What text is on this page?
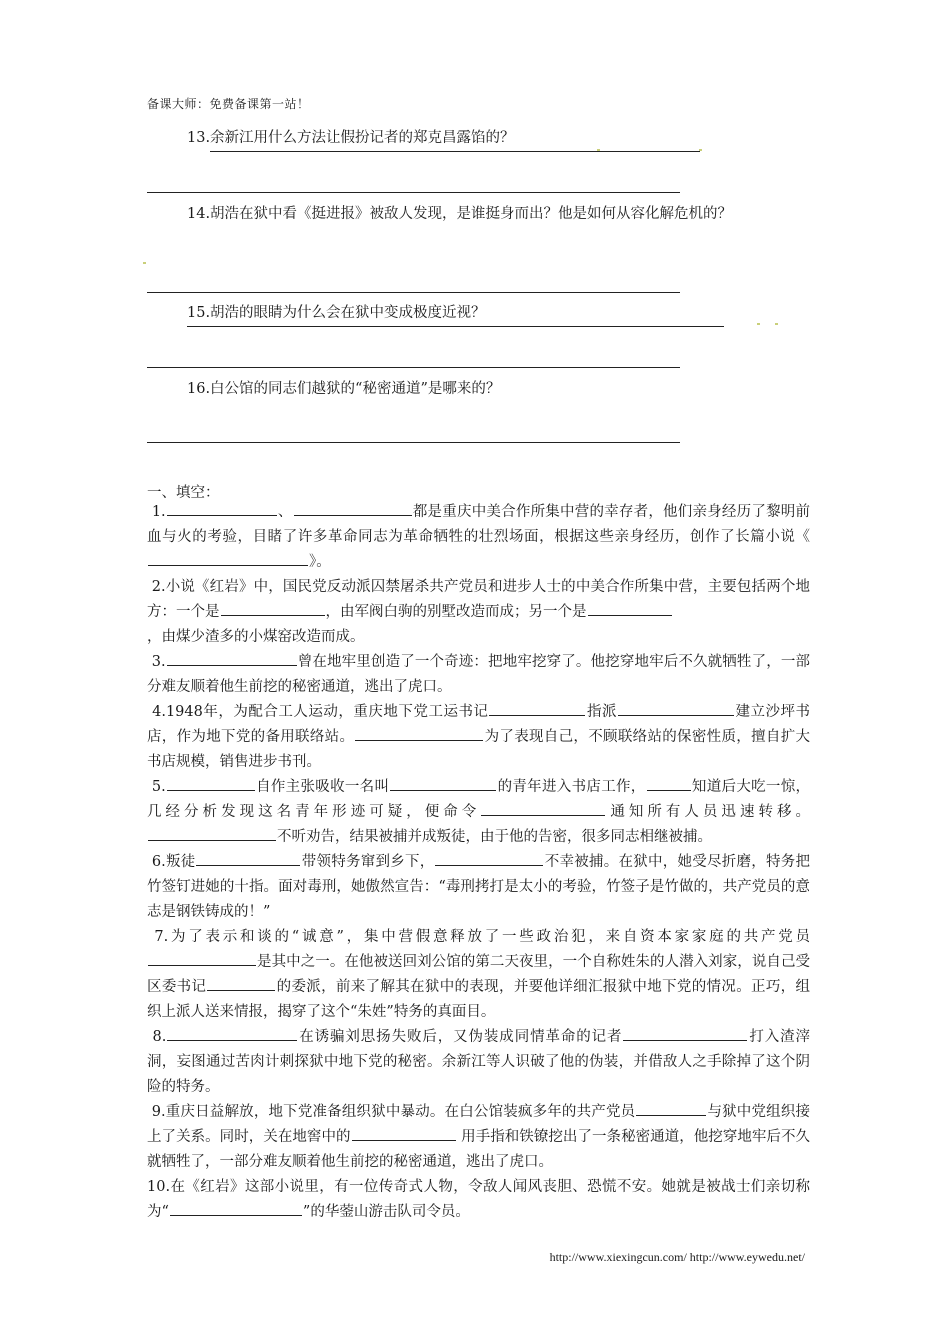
备课大师：免费备课第一站！
13.余新江用什么方法让假扮记者的郑克昌露馅的？
14.胡浩在狱中看《挺进报》被敌人发现，是谁挺身而出？他是如何从容化解危机的？
15.胡浩的眼睛为什么会在狱中变成极度近视？
16.白公馆的同志们越狱的“秘密通道”是哪来的？
一、填空：
1.	、	都是重庆中美合作所集中营的幸存者，他们亲身经历了黎明前血与火的考验，目睹了许多革命同志为革命牺牲的壮烈场面，根据这些亲身经历，创作了长篇小说《》。
2.小说《红岩》中，国民党反动派囚禁屠杀共产党员和进步人士的中美合作所集中营，主要包括两个地方：一个是	，由军阀白驹的别墅改造而成；另一个是
，由煤少渣多的小煤窑改造而成。
3.	曾在地牢里创造了一个奇迹：把地牢挖穿了。他挖穿地牢后不久就牺牲了，一部分难友顺着他生前挖的秘密通道，逃出了虎口。
4.1948年，为配合工人运动，重庆地下党工运书记	指派	建立沙坪书店，作为地下党的备用联络站。	为了表现自己，不顾联络站的保密性质，擅自扩大书店规模，销售进步书刊。
5.	自作主张吸收一名叫	的青年进入书店工作，	知道后大吃一惊，几经分析发现这名青年形迹可疑，便命令	通知所有人员迅速转移。不听劝告，结果被捕并成叛徒，由于他的告密，很多同志相继被捕。
6.叛徒	带领特务窜到乡下，	不幸被捕。在狱中，她受尽折磨，特务把竹签钉进她的十指。面对毒刑，她傲然宣告：“毒刑拷打是太小的考验，竹签子是竹做的，共产党员的意志是钢铁铸成的！”
7.为了表示和谈的“诚意”，集中营假意释放了一些政治犯，来自资本家家庭的共产党员是其中之一。在他被送回刘公馆的第二天夜里，一个自称姓朱的人潜入刘家，说自己受区委书记	的委派，前来了解其在狱中的表现，并要他详细汇报狱中地下党的情况。正巧，组织上派人送来情报，揭穿了这个“朱姓”特务的真面目。
8.	在诱骗刘思扬失败后，又伪装成同情革命的记者	打入渣滓洞，妄图通过苦肉计刺探狱中地下党的秘密。余新江等人识破了他的伪装，并借敌人之手除掉了这个阴险的特务。
9.重庆日益解放，地下党准备组织狱中暴动。在白公馆装疯多年的共产党员	与狱中党组织接上了关系。同时，关在地窖中的	用手指和铁镣挖出了一条秘密通道，他挖穿地牢后不久就牺牲了，一部分难友顺着他生前挖的秘密通道，逃出了虎口。
10.在《红岩》这部小说里，有一位传奇式人物，令敌人闻风丧胆、恐慌不安。她就是被战士们亲切称为“	”的华蓥山游击队司令员。
http://www.xiexingcun.com/ http://www.eywedu.net/
